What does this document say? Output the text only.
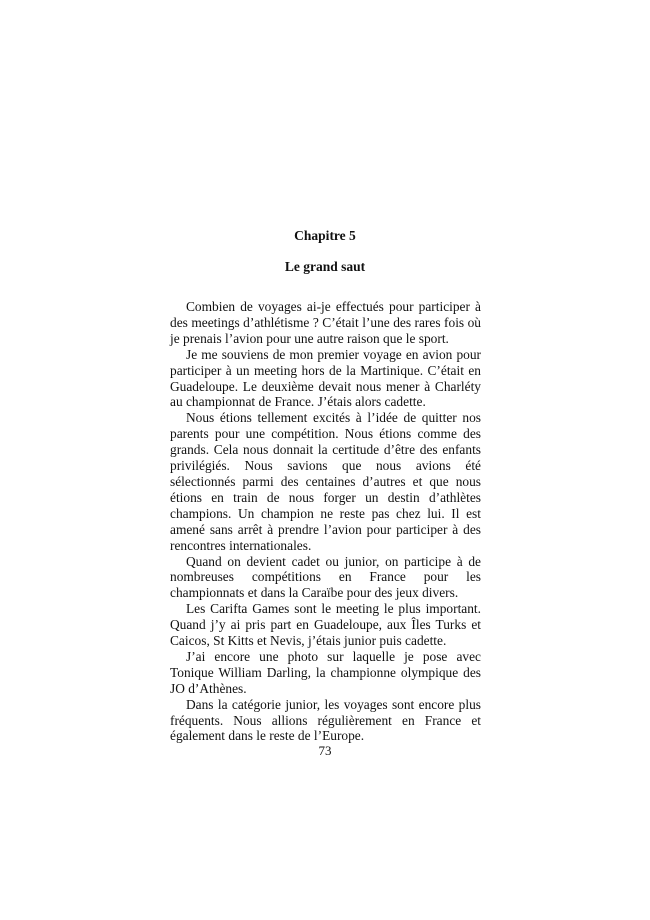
Chapitre 5
Le grand saut

Combien de voyages ai-je effectués pour participer à des meetings d’athlétisme ? C’était l’une des rares fois où je prenais l’avion pour une autre raison que le sport.

Je me souviens de mon premier voyage en avion pour participer à un meeting hors de la Martinique. C’était en Guadeloupe. Le deuxième devait nous mener à Charléty au championnat de France. J’étais alors cadette.

Nous étions tellement excités à l’idée de quitter nos parents pour une compétition. Nous étions comme des grands. Cela nous donnait la certitude d’être des enfants privilégiés. Nous savions que nous avions été sélectionnés parmi des centaines d’autres et que nous étions en train de nous forger un destin d’athlètes champions. Un champion ne reste pas chez lui. Il est amené sans arrêt à prendre l’avion pour participer à des rencontres internationales.

Quand on devient cadet ou junior, on participe à de nombreuses compétitions en France pour les championnats et dans la Caraïbe pour des jeux divers.

Les Carifta Games sont le meeting le plus important. Quand j’y ai pris part en Guadeloupe, aux Îles Turks et Caicos, St Kitts et Nevis, j’étais junior puis cadette.

J’ai encore une photo sur laquelle je pose avec Tonique William Darling, la championne olympique des JO d’Athènes.

Dans la catégorie junior, les voyages sont encore plus fréquents. Nous allions régulièrement en France et également dans le reste de l’Europe.

73
